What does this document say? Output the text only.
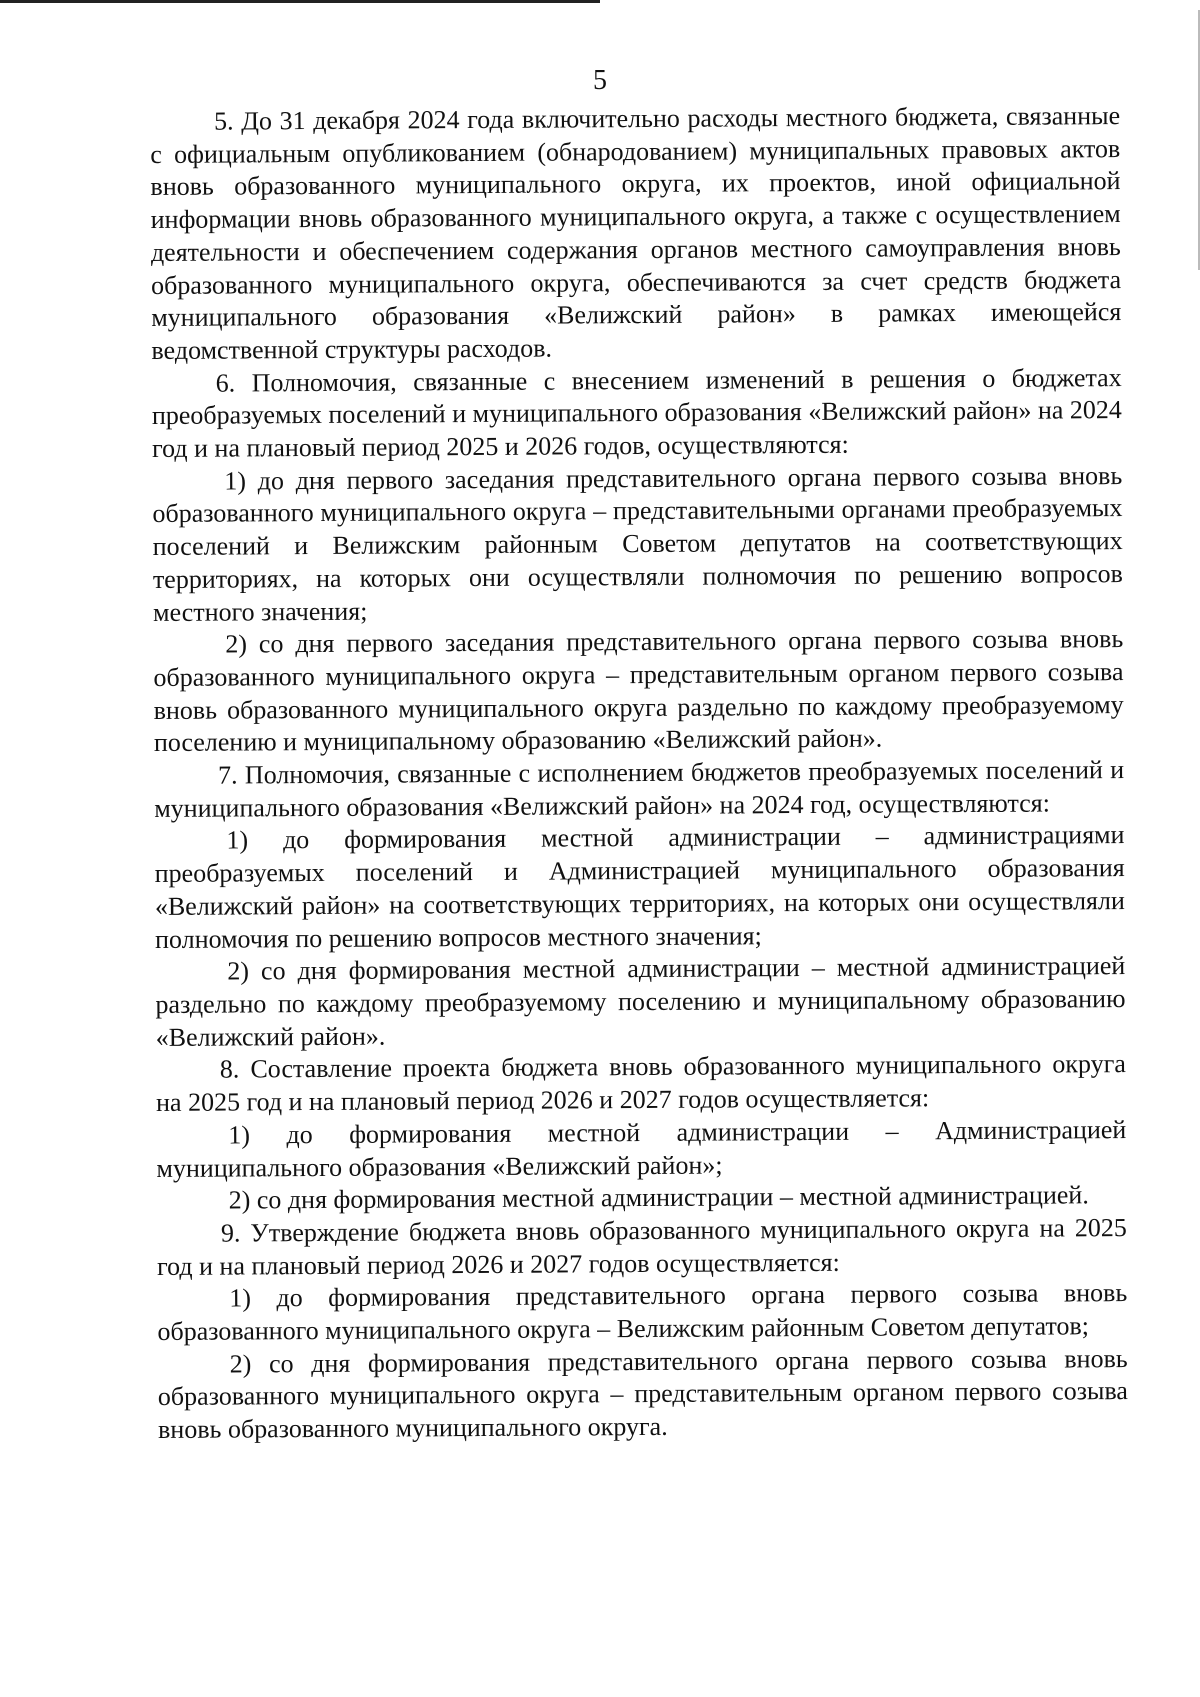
5

5. До 31 декабря 2024 года включительно расходы местного бюджета, связанные с официальным опубликованием (обнародованием) муниципальных правовых актов вновь образованного муниципального округа, их проектов, иной официальной информации вновь образованного муниципального округа, а также с осуществлением деятельности и обеспечением содержания органов местного самоуправления вновь образованного муниципального округа, обеспечиваются за счет средств бюджета муниципального образования «Велижский район» в рамках имеющейся ведомственной структуры расходов.

6. Полномочия, связанные с внесением изменений в решения о бюджетах преобразуемых поселений и муниципального образования «Велижский район» на 2024 год и на плановый период 2025 и 2026 годов, осуществляются:

1) до дня первого заседания представительного органа первого созыва вновь образованного муниципального округа – представительными органами преобразуемых поселений и Велижским районным Советом депутатов на соответствующих территориях, на которых они осуществляли полномочия по решению вопросов местного значения;

2) со дня первого заседания представительного органа первого созыва вновь образованного муниципального округа – представительным органом первого созыва вновь образованного муниципального округа раздельно по каждому преобразуемому поселению и муниципальному образованию «Велижский район».

7. Полномочия, связанные с исполнением бюджетов преобразуемых поселений и муниципального образования «Велижский район» на 2024 год, осуществляются:

1) до формирования местной администрации – администрациями преобразуемых поселений и Администрацией муниципального образования «Велижский район» на соответствующих территориях, на которых они осуществляли полномочия по решению вопросов местного значения;

2) со дня формирования местной администрации – местной администрацией раздельно по каждому преобразуемому поселению и муниципальному образованию «Велижский район».

8. Составление проекта бюджета вновь образованного муниципального округа на 2025 год и на плановый период 2026 и 2027 годов осуществляется:

1) до формирования местной администрации – Администрацией муниципального образования «Велижский район»;

2) со дня формирования местной администрации – местной администрацией.

9. Утверждение бюджета вновь образованного муниципального округа на 2025 год и на плановый период 2026 и 2027 годов осуществляется:

1) до формирования представительного органа первого созыва вновь образованного муниципального округа – Велижским районным Советом депутатов;

2) со дня формирования представительного органа первого созыва вновь образованного муниципального округа – представительным органом первого созыва вновь образованного муниципального округа.
